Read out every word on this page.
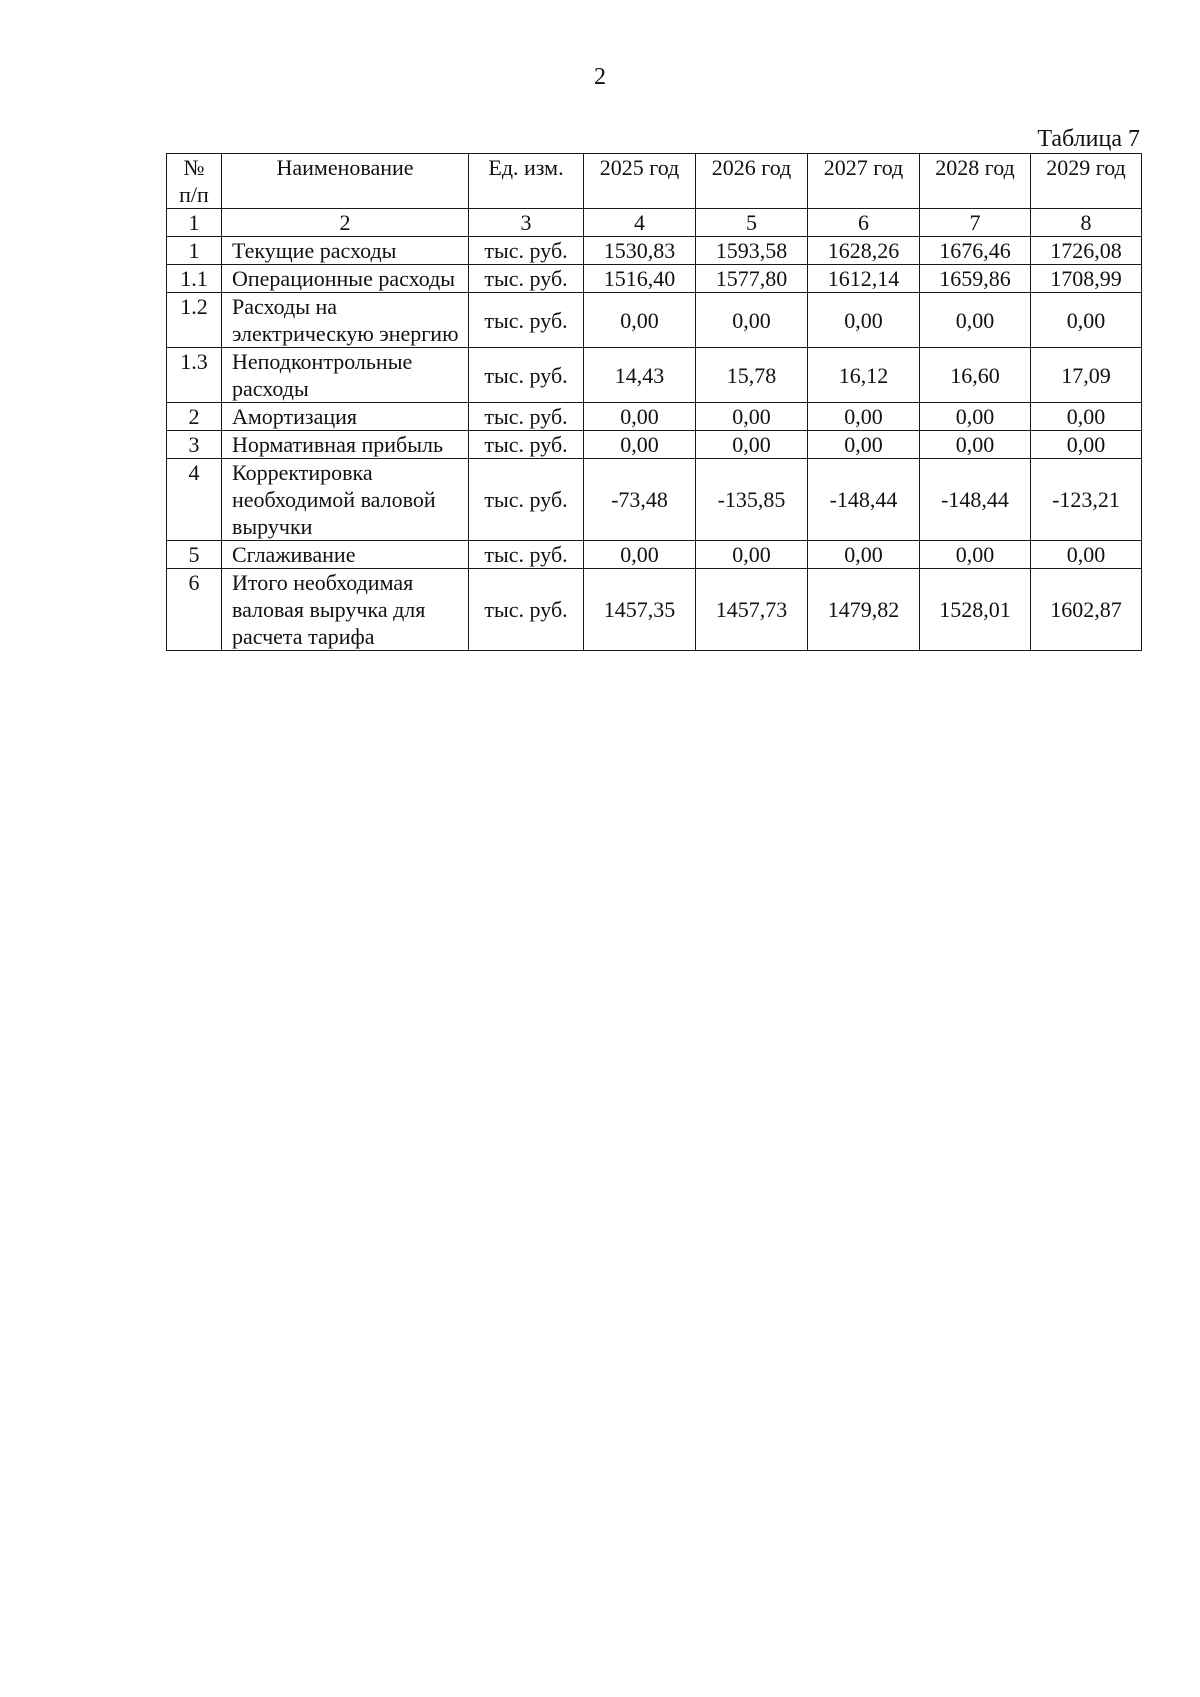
2
Таблица 7
№ п/п	Наименование	Ед. изм.	2025 год	2026 год	2027 год	2028 год	2029 год
1	2	3	4	5	6	7	8
1	Текущие расходы	тыс. руб.	1530,83	1593,58	1628,26	1676,46	1726,08
1.1	Операционные расходы	тыс. руб.	1516,40	1577,80	1612,14	1659,86	1708,99
1.2	Расходы на электрическую энергию	тыс. руб.	0,00	0,00	0,00	0,00	0,00
1.3	Неподконтрольные расходы	тыс. руб.	14,43	15,78	16,12	16,60	17,09
2	Амортизация	тыс. руб.	0,00	0,00	0,00	0,00	0,00
3	Нормативная прибыль	тыс. руб.	0,00	0,00	0,00	0,00	0,00
4	Корректировка необходимой валовой выручки	тыс. руб.	-73,48	-135,85	-148,44	-148,44	-123,21
5	Сглаживание	тыс. руб.	0,00	0,00	0,00	0,00	0,00
6	Итого необходимая валовая выручка для расчета тарифа	тыс. руб.	1457,35	1457,73	1479,82	1528,01	1602,87
